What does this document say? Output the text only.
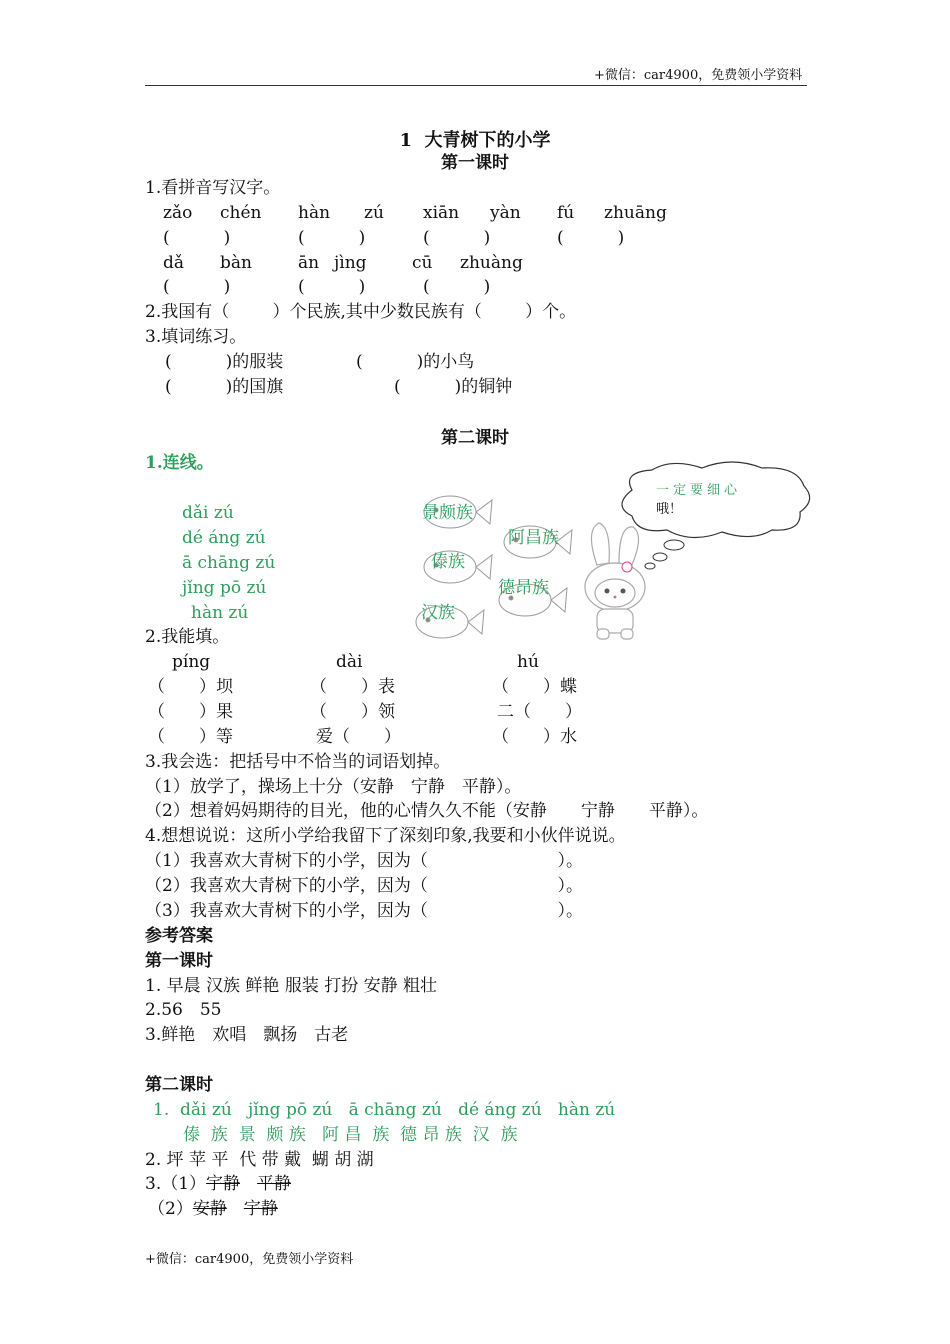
+微信：car4900，免费领小学资料
1  大青树下的小学
第一课时
1.看拼音写汉字。
zǎo chén hàn zú xiān yàn fú zhuāng
(          )	(          )	(          )	(          )
dǎ bàn	ān jìng	cū zhuàng
(          )	(          )	(          )
2.我国有（        ）个民族,其中少数民族有（        ）个。
3.填词练习。
(          )的服装	(          )的小鸟
(          )的国旗	(          )的铜钟
第二课时
1.连线。
dǎi zú
dé áng zú
ā chāng zú
jǐng pō zú
hàn zú
景颇族
阿昌族
傣族
德昂族
汉族
一定要细心
哦！
2.我能填。
píng	dài	hú
（　　）坝	（　　）表	（　　）蝶
（　　）果	（　　）领	二（　　）
（　　）等	爱（　　）	（　　）水
3.我会选：把括号中不恰当的词语划掉。
（1）放学了，操场上十分（安静　宁静　平静）。
（2）想着妈妈期待的目光，他的心情久久不能（安静　　宁静　　平静）。
4.想想说说：这所小学给我留下了深刻印象,我要和小伙伴说说。
（1）我喜欢大青树下的小学，因为（                        ）。
（2）我喜欢大青树下的小学，因为（                        ）。
（3）我喜欢大青树下的小学，因为（                        ）。
参考答案
第一课时
1. 早晨 汉族 鲜艳 服装 打扮 安静 粗壮
2.56　55
3.鲜艳　欢唱　飘扬　古老
第二课时
1.  dǎi zú   jǐng pō zú   ā chāng zú   dé áng zú   hàn zú
傣  族  景  颇 族   阿 昌  族  德 昂 族  汉  族
2. 坪 苹 平  代 带 戴  蝴 胡 湖
3.（1）宇静　 平静
（2）安静　 宇静
+微信：car4900，免费领小学资料
